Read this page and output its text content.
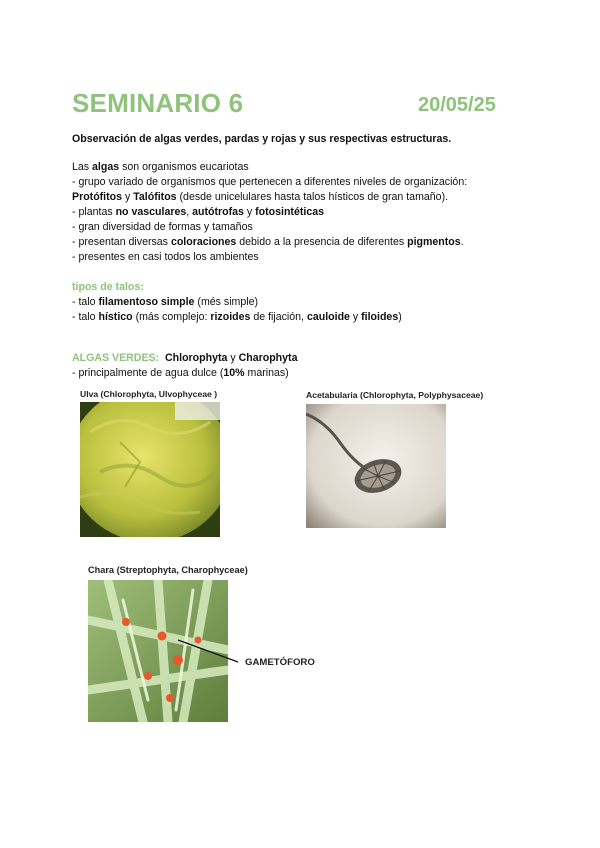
SEMINARIO 6	20/05/25
Observación de algas verdes, pardas y rojas y sus respectivas estructuras.
Las algas son organismos eucariotas
- grupo variado de organismos que pertenecen a diferentes niveles de organización:
Protófitos y Talófitos (desde unicelulares hasta talos hísticos de gran tamaño).
- plantas no vasculares, autótrofas y fotosintéticas
- gran diversidad de formas y tamaños
- presentan diversas coloraciones debido a la presencia de diferentes pigmentos.
- presentes en casi todos los ambientes
tipos de talos:
- talo filamentoso simple (més simple)
- talo hístico (más complejo: rizoides de fijación, cauloide y filoides)
ALGAS VERDES: Chlorophyta y Charophyta
- principalmente de agua dulce (10% marinas)
Ulva (Chlorophyta, Ulvophyceae )	Acetabularia (Chlorophyta, Polyphysaceae)
Chara (Streptophyta, Charophyceae)
GAMETÓFORO
